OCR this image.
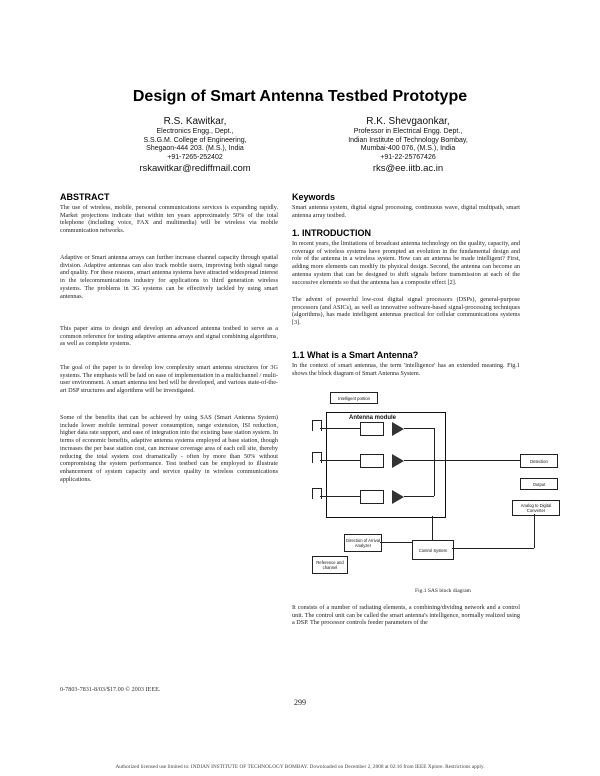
Design of Smart Antenna Testbed Prototype
R.S. Kawitkar,
Electronics Engg., Dept.,
S.S.G.M. College of Engineering,
Shegaon-444 203. (M.S.), India
+91-7265-252402
rskawitkar@rediffmail.com
R.K. Shevgaonkar,
Professor in Electrical Engg. Dept.,
Indian Institute of Technology Bombay,
Mumbai-400 076, (M.S.), India
+91-22-25767426
rks@ee.iitb.ac.in
ABSTRACT
The use of wireless, mobile, personal communications services is expanding rapidly. Market projections indicate that within ten years approximately 50% of the total telephone (including voice, FAX and multimedia) will be wireless via mobile communication networks.
Adaptive or Smart antenna arrays can further increase channel capacity through spatial division. Adaptive antennas can also track mobile users, improving both signal range and quality. For these reasons, smart antenna systems have attracted widespread interest in the telecommunications industry for applications to third generation wireless systems. The problems in 3G systems can be effectively tackled by using smart antennas.
This paper aims to design and develop an advanced antenna testbed to serve as a common reference for testing adaptive antenna arrays and signal combining algorithms, as well as complete systems.
The goal of the paper is to develop low complexity smart antenna structures for 3G systems. The emphasis will be laid on ease of implementation in a multichannel / multi-user environment. A smart antenna test bed will be developed, and various state-of-the-art DSP structures and algorithms will be investigated.
Some of the benefits that can be achieved by using SAS (Smart Antenna System) include lower mobile terminal power consumption, range extension, ISI reduction, higher data rate support, and ease of integration into the existing base station system. In terms of economic benefits, adaptive antenna systems employed at base station, though increases the per base station cost, can increase coverage area of each cell site, thereby reducing the total system cost dramatically - often by more than 50% without compromising the system performance. Test testbed can be employed to illustrate enhancement of system capacity and service quality in wireless communications applications.
Keywords
Smart antenna system, digital signal processing, continuous wave, digital multipath, smart antenna array testbed.
1. INTRODUCTION
In recent years, the limitations of broadcast antenna technology on the quality, capacity, and coverage of wireless systems have prompted an evolution in the fundamental design and role of the antenna in a wireless system. How can an antenna be made intelligent? First, adding more elements can modify its physical design. Second, the antenna can become an antenna system that can be designed to shift signals before transmission at each of the successive elements so that the antenna has a composite effect [2].
The advent of powerful low-cost digital signal processors (DSPs), general-purpose processors (and ASICs), as well as innovative software-based signal-processing techniques (algorithms), has made intelligent antennas practical for cellular communications systems [3].
1.1 What is a Smart Antenna?
In the context of smart antennas, the term 'intelligence' has an extended meaning. Fig.1 shows the block diagram of Smart Antenna System.
Intelligent portion
Antenna module
Detection
Output
Analog to Digital Converter
Direction of Arrival Analyzer
Control System
Reference and channel
Fig.1 SAS block diagram
It consists of a number of radiating elements, a combining/dividing network and a control unit. The control unit can be called the smart antenna's intelligence, normally realized using a DSP. The processor controls feeder parameters of the
0-7803-7831-8/03/$17.00 © 2003 IEEE.
299
Authorized licensed use limited to: INDIAN INSTITUTE OF TECHNOLOGY BOMBAY. Downloaded on December 2, 2008 at 02:16 from IEEE Xplore. Restrictions apply.
